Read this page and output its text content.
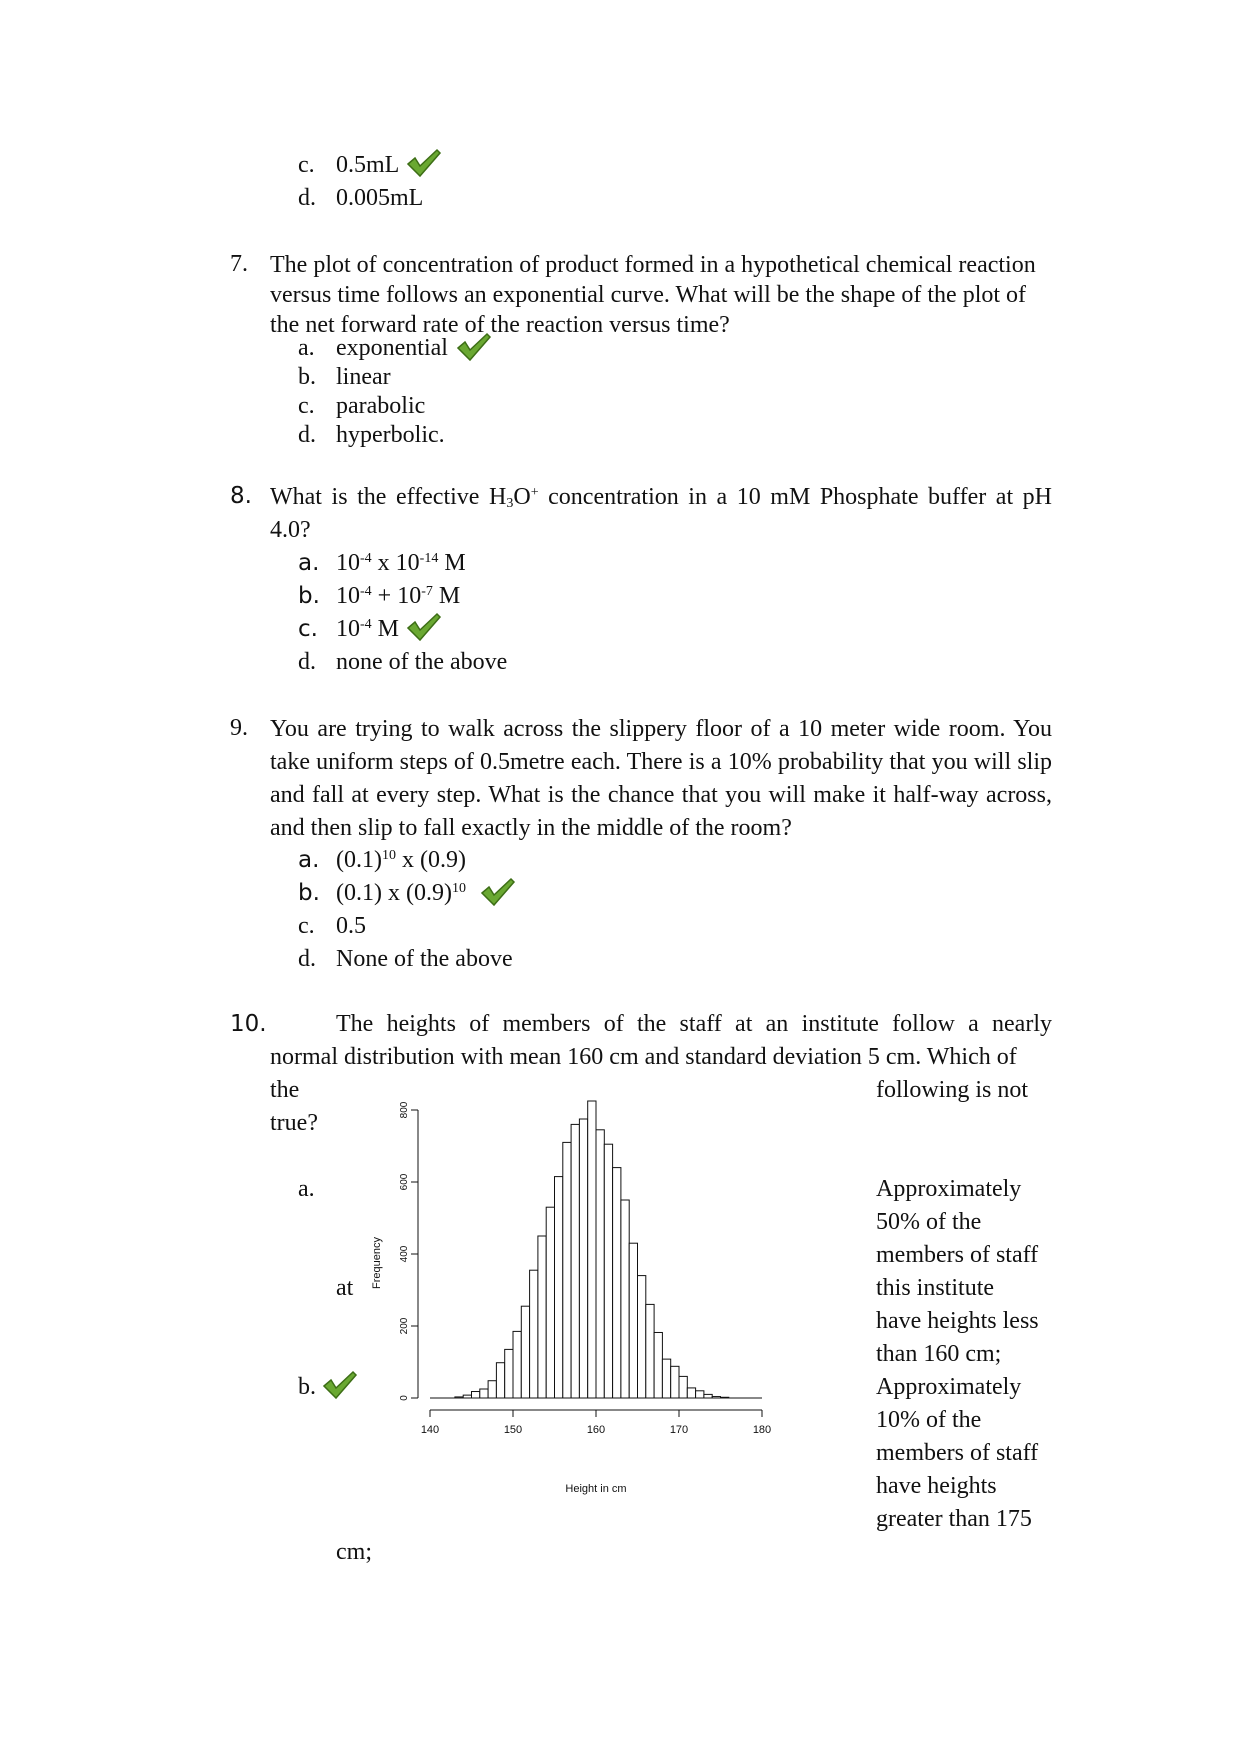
c. 0.5mL
d. 0.005mL
7. The plot of concentration of product formed in a hypothetical chemical reaction versus time follows an exponential curve. What will be the shape of the plot of the net forward rate of the reaction versus time?
a. exponential
b. linear
c. parabolic
d. hyperbolic.
8. What is the effective $H_3O^+$ concentration in a 10 mM Phosphate buffer at pH 4.0?
a. $10^{-4}$ x $10^{-14}$ M
b. $10^{-4} + 10^{-7}$ M
c. $10^{-4}$ M
d. none of the above
9. You are trying to walk across the slippery floor of a 10 meter wide room. You take uniform steps of 0.5metre each. There is a 10% probability that you will slip and fall at every step. What is the chance that you will make it half-way across, and then slip to fall exactly in the middle of the room?
a. $(0.1)^{10}$ x (0.9)
b. (0.1) x $(0.9)^{10}$
c. 0.5
d. None of the above
10.	The heights of members of the staff at an institute follow a nearly
normal distribution with mean 160 cm and standard deviation 5 cm. Which of
the	following is not
true?
a.
at
Approximately
50% of the
members of staff
this institute
have heights less
than 160 cm;
b.	Approximately
10% of the
members of staff
have heights
greater than 175
cm;
140	150	160	170	180
0
200
400
600
800
Height in cm
Frequency
